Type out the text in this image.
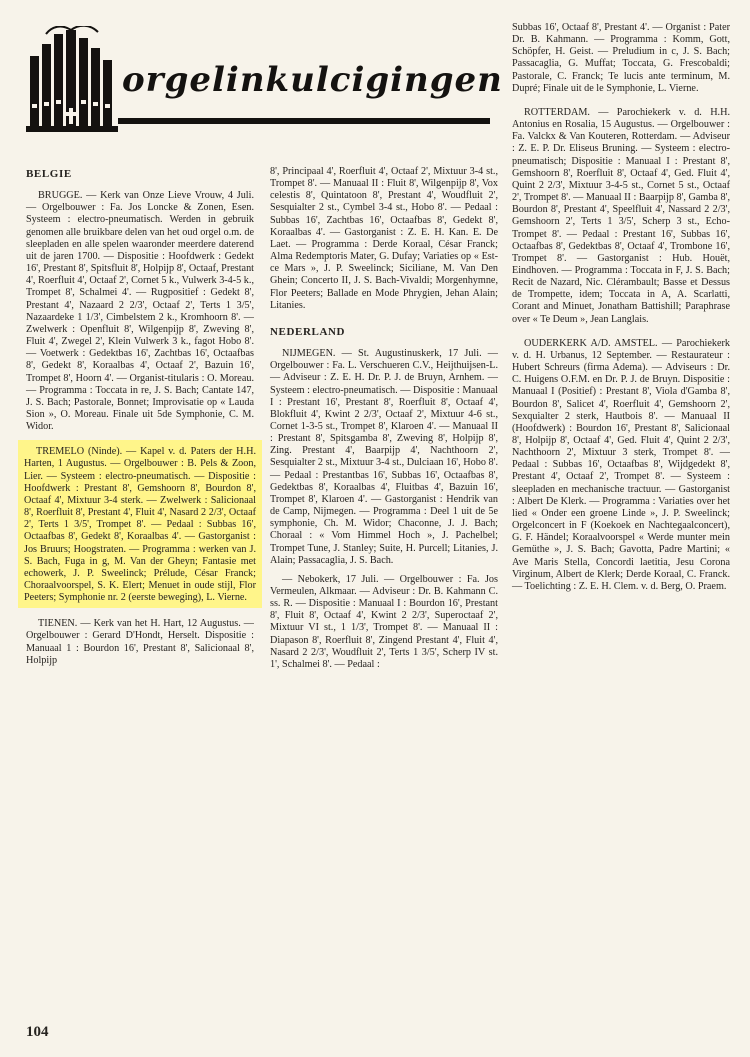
orgelinkulcigingen
BELGIE

BRUGGE. — Kerk van Onze Lieve Vrouw, 4 Juli. — Orgelbouwer : Fa. Jos Loncke & Zonen, Esen. Systeem : electro-pneumatisch. Werden in gebruik genomen alle bruikbare delen van het oud orgel o.m. de sleepladen en alle spelen waaronder meerdere daterend uit de jaren 1700. — Dispositie : Hoofdwerk : Gedekt 16', Prestant 8', Spitsfluit 8', Holpijp 8', Octaaf, Prestant 4', Roerfluit 4', Octaaf 2', Cornet 5 k., Vulwerk 3-4-5 k., Trompet 8', Schalmei 4'. — Rugpositief : Gedekt 8', Prestant 4', Nazaard 2 2/3', Octaaf 2', Terts 1 3/5', Nazaardeke 1 1/3', Cimbelstem 2 k., Kromhoorn 8'. — Zwelwerk : Openfluit 8', Wilgenpijp 8', Zweving 8', Fluit 4', Zwegel 2', Klein Vulwerk 3 k., fagot Hobo 8'. — Voetwerk : Gedektbas 16', Zachtbas 16', Octaafbas 8', Gedekt 8', Koraalbas 4', Octaaf 2', Bazuin 16', Trompet 8', Hoorn 4'. — Organist-titularis : O. Moreau. — Programma : Toccata in re, J. S. Bach; Cantate 147, J. S. Bach; Pastorale, Bonnet; Improvisatie op « Lauda Sion », O. Moreau. Finale uit 5de Symphonie, C. M. Widor.

TREMELO (Ninde). — Kapel v. d. Paters der H.H. Harten, 1 Augustus. — Orgelbouwer : B. Pels & Zoon, Lier. — Systeem : electro-pneumatisch. — Dispositie : Hoofdwerk : Prestant 8', Gemshoorn 8', Bourdon 8', Octaaf 4', Mixtuur 3-4 sterk. — Zwelwerk : Salicionaal 8', Roerfluit 8', Prestant 4', Fluit 4', Nasard 2 2/3', Octaaf 2', Terts 1 3/5', Trompet 8'. — Pedaal : Subbas 16', Octaafbas 8', Gedekt 8', Koraalbas 4'. — Gastorganist : Jos Bruurs; Hoogstraten. — Programma : werken van J. S. Bach, Fuga in g, M. Van der Gheyn; Fantasie met echowerk, J. P. Sweelinck; Prélude, César Franck; Choraalvoorspel, S. K. Elert; Menuet in oude stijl, Flor Peeters; Symphonie nr. 2 (eerste beweging), L. Vierne.

TIENEN. — Kerk van het H. Hart, 12 Augustus. — Orgelbouwer : Gerard D'Hondt, Herselt. Dispositie : Manuaal 1 : Bourdon 16', Prestant 8', Salicionaal 8', Holpijp

8', Principaal 4', Roerfluit 4', Octaaf 2', Mixtuur 3-4 st., Trompet 8'. — Manuaal II : Fluit 8', Wilgenpijp 8', Vox celestis 8', Quintatoon 8', Prestant 4', Woudfluit 2', Sesquialter 2 st., Cymbel 3-4 st., Hobo 8'. — Pedaal : Subbas 16', Zachtbas 16', Octaafbas 8', Gedekt 8', Koraalbas 4'. — Gastorganist : Z. E. H. Kan. E. De Laet. — Programma : Derde Koraal, César Franck; Alma Redemptoris Mater, G. Dufay; Variaties op « Est-ce Mars », J. P. Sweelinck; Siciliane, M. Van Den Ghein; Concerto II, J. S. Bach-Vivaldi; Morgenhymne, Flor Peeters; Ballade en Mode Phrygien, Jehan Alain; Litanies.

NEDERLAND

NIJMEGEN. — St. Augustinuskerk, 17 Juli. — Orgelbouwer : Fa. L. Verschueren C.V., Heijthuijsen-L. — Adviseur : Z. E. H. Dr. P. J. de Bruyn, Arnhem. — Systeem : electro-pneumatisch. — Dispositie : Manuaal I : Prestant 16', Prestant 8', Roerfluit 8', Octaaf 4', Blokfluit 4', Kwint 2 2/3', Octaaf 2', Mixtuur 4-6 st., Cornet 1-3-5 st., Trompet 8', Klaroen 4'. — Manuaal II : Prestant 8', Spitsgamba 8', Zweving 8', Holpijp 8', Zing. Prestant 4', Baarpijp 4', Nachthoorn 2', Sesquialter 2 st., Mixtuur 3-4 st., Dulciaan 16', Hobo 8'. — Pedaal : Prestantbas 16', Subbas 16', Octaafbas 8', Gedektbas 8', Koraalbas 4', Fluitbas 4', Bazuin 16', Trompet 8', Klaroen 4'. — Gastorganist : Hendrik van de Camp, Nijmegen. — Programma : Deel 1 uit de 5e symphonie, Ch. M. Widor; Chaconne, J. J. Bach; Choraal : « Vom Himmel Hoch », J. Pachelbel; Trompet Tune, J. Stanley; Suite, H. Purcell; Litanies, J. Alain; Passacaglia, J. S. Bach.

— Nebokerk, 17 Juli. — Orgelbouwer : Fa. Jos Vermeulen, Alkmaar. — Adviseur : Dr. B. Kahmann C. ss. R. — Dispositie : Manuaal I : Bourdon 16', Prestant 8', Fluit 8', Octaaf 4', Kwint 2 2/3', Superoctaaf 2', Mixtuur VI st., 1 1/3', Trompet 8'. — Manuaal II : Diapason 8', Roerfluit 8', Zingend Prestant 4', Fluit 4', Nasard 2 2/3', Woudfluit 2', Terts 1 3/5', Scherp IV st. 1', Schalmei 8'. — Pedaal :

Subbas 16', Octaaf 8', Prestant 4'. — Organist : Pater Dr. B. Kahmann. — Programma : Komm, Gott, Schöpfer, H. Geist. — Preludium in c, J. S. Bach; Passacaglia, G. Muffat; Toccata, G. Frescobaldi; Pastorale, C. Franck; Te lucis ante terminum, M. Dupré; Finale uit de le Symphonie, L. Vierne.

ROTTERDAM. — Parochiekerk v. d. H.H. Antonius en Rosalia, 15 Augustus. — Orgelbouwer : Fa. Valckx & Van Kouteren, Rotterdam. — Adviseur : Z. E. P. Dr. Eliseus Bruning. — Systeem : electro-pneumatisch; Dispositie : Manuaal I : Prestant 8', Gemshoorn 8', Roerfluit 8', Octaaf 4', Ged. Fluit 4', Quint 2 2/3', Mixtuur 3-4-5 st., Cornet 5 st., Octaaf 2', Trompet 8'. — Manuaal II : Baarpijp 8', Gamba 8', Bourdon 8', Prestant 4', Speelfluit 4', Nassard 2 2/3', Gemshoorn 2', Terts 1 3/5', Scherp 3 st., Echo-Trompet 8'. — Pedaal : Prestant 16', Subbas 16', Octaafbas 8', Gedektbas 8', Octaaf 4', Trombone 16', Trompet 8'. — Gastorganist : Hub. Houët, Eindhoven. — Programma : Toccata in F, J. S. Bach; Recit de Nazard, Nic. Clérambault; Basse et Dessus de Trompette, idem; Toccata in A, A. Scarlatti, Corant and Minuet, Jonatham Battishill; Paraphrase over « Te Deum », Jean Langlais.

OUDERKERK A/D. AMSTEL. — Parochiekerk v. d. H. Urbanus, 12 September. — Restaurateur : Hubert Schreurs (firma Adema). — Adviseurs : Dr. C. Huigens O.F.M. en Dr. P. J. de Bruyn. Dispositie : Manuaal I (Positief) : Prestant 8', Viola d'Gamba 8', Bourdon 8', Salicet 4', Roerfluit 4', Gemshoorn 2', Sexquialter 2 sterk, Hautbois 8'. — Manuaal II (Hoofdwerk) : Bourdon 16', Prestant 8', Salicionaal 8', Holpijp 8', Octaaf 4', Ged. Fluit 4', Quint 2 2/3', Nachthoorn 2', Mixtuur 3 sterk, Trompet 8'. — Pedaal : Subbas 16', Octaafbas 8', Wijdgedekt 8', Prestant 4', Octaaf 2', Trompet 8'. — Systeem : sleepladen en mechanische tractuur. — Gastorganist : Albert De Klerk. — Programma : Variaties over het lied « Onder een groene Linde », J. P. Sweelinck; Orgelconcert in F (Koekoek en Nachtegaalconcert), G. F. Händel; Koraalvoorspel « Werde munter mein Gemüthe », J. S. Bach; Gavotta, Padre Martini; « Ave Maris Stella, Concordi laetitia, Jesu Corona Virginum, Albert de Klerk; Derde Koraal, C. Franck. — Toelichting : Z. E. H. Clem. v. d. Berg, O. Praem.

104
